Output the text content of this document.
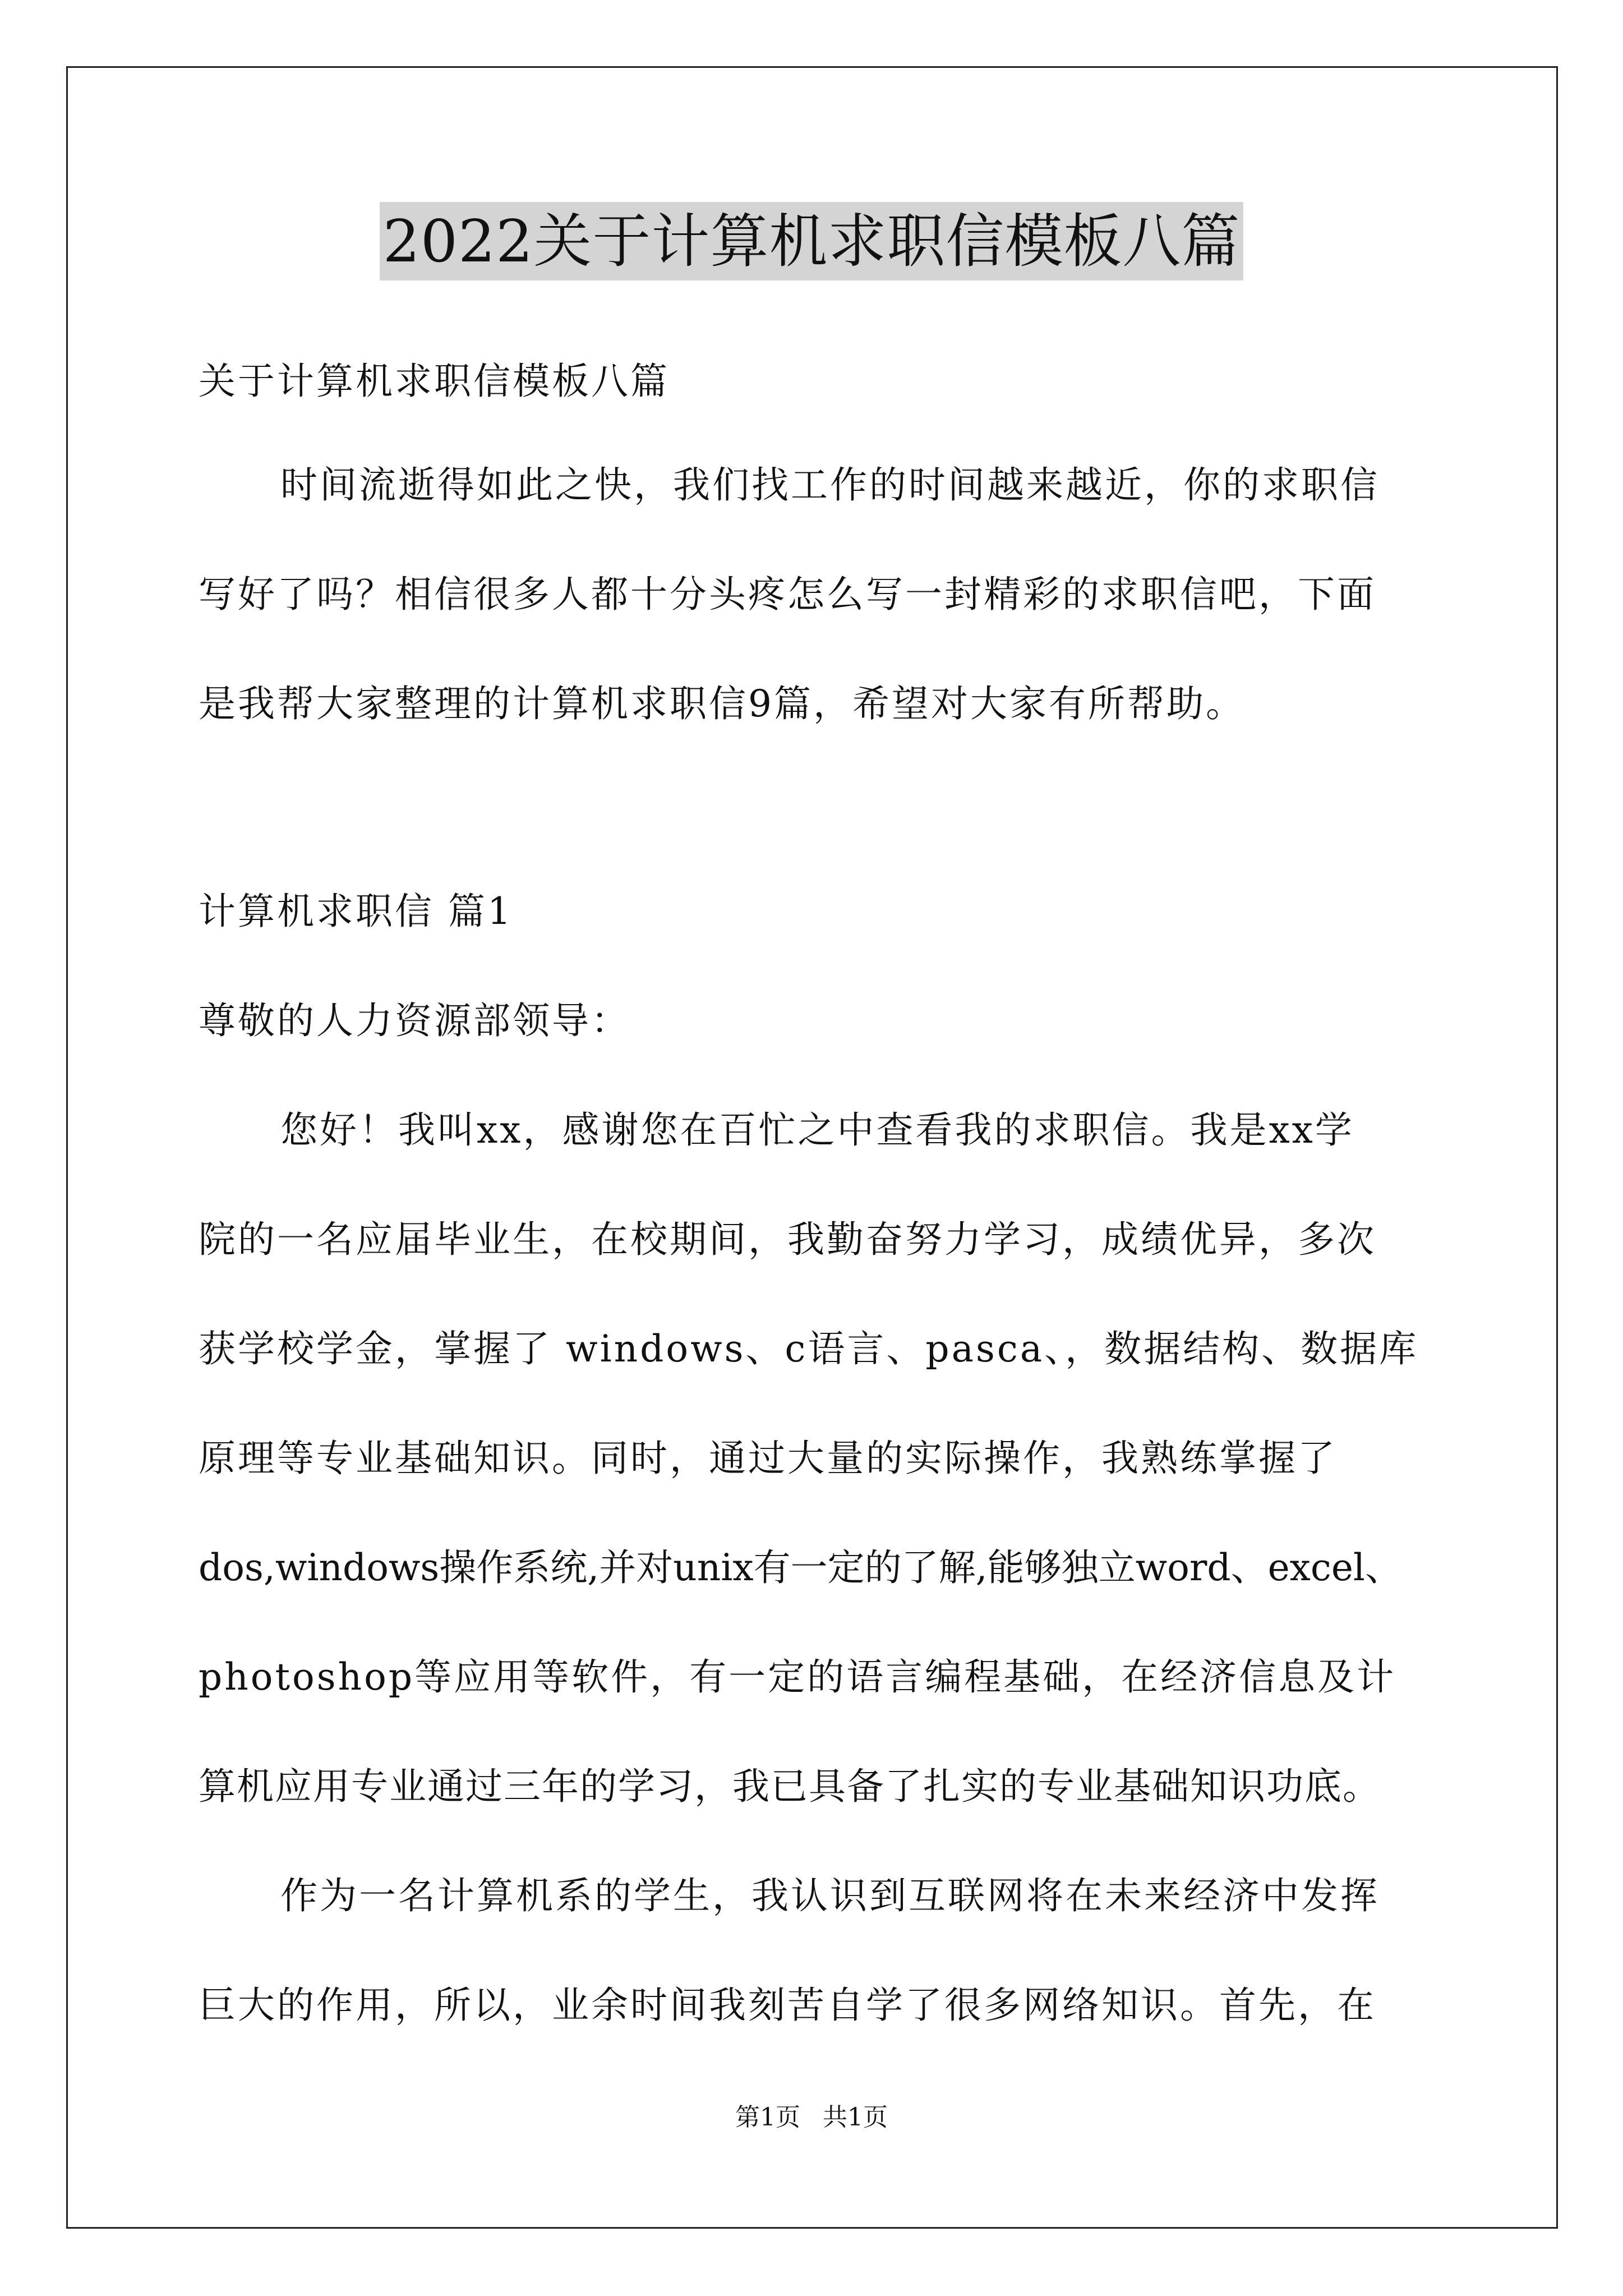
2022关于计算机求职信模板八篇
关于计算机求职信模板八篇
时间流逝得如此之快，我们找工作的时间越来越近，你的求职信
写好了吗？相信很多人都十分头疼怎么写一封精彩的求职信吧，下面
是我帮大家整理的计算机求职信9篇，希望对大家有所帮助。
计算机求职信 篇1
尊敬的人力资源部领导：
您好！我叫xx，感谢您在百忙之中查看我的求职信。我是xx学
院的一名应届毕业生，在校期间，我勤奋努力学习，成绩优异，多次
获学校学金，掌握了 windows、c语言、pasca、，数据结构、数据库
原理等专业基础知识。同时，通过大量的实际操作，我熟练掌握了
dos,windows操作系统,并对unix有一定的了解,能够独立word、excel、
photoshop等应用等软件，有一定的语言编程基础，在经济信息及计
算机应用专业通过三年的学习，我已具备了扎实的专业基础知识功底。
作为一名计算机系的学生，我认识到互联网将在未来经济中发挥
巨大的作用，所以，业余时间我刻苦自学了很多网络知识。首先，在
第1页 共1页
